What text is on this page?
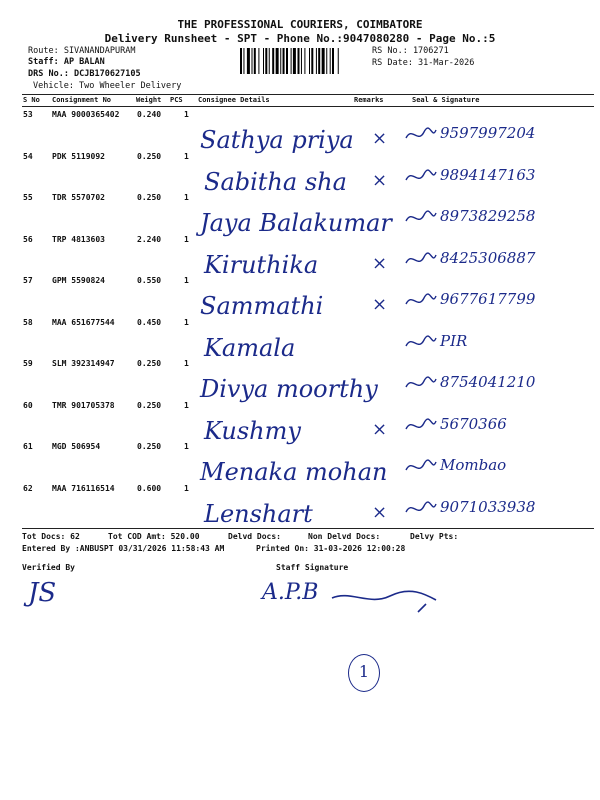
THE PROFESSIONAL COURIERS, COIMBATORE
Delivery Runsheet - SPT - Phone No.:9047080280 - Page No.:5
Route: SIVANANDAPURAM
Staff: AP BALAN
DRS No.: DCJB170627105
Vehicle: Two Wheeler Delivery
RS No.: 1706271
RS Date: 31-Mar-2026
S No Consignment No	Weight PCS Consignee Details	Remarks	Seal & Signature
53 MAA 9000365402 0.240	1
Sathya priya ×	9597997204
54 PDK 5119092	0.250	1
Sabitha sha ×	9894147163
55 TDR 5570702	0.250	1
Jaya Balakumar	8973829258
56 TRP 4813603	2.240	1
Kiruthika	×	8425306887
57 GPM 5590824	0.550	1
Sammathi	×	9677617799
58 MAA 651677544	0.450	1
Kamala	PIR
59 SLM 392314947	0.250	1
Divya moorthy	8754041210
60 TMR 901705378	0.250	1
Kushmy	×	5670366
61 MGD 506954	0.250	1
Menaka mohan	Mombao
62 MAA 716116514	0.600	1
Lenshart	×	9071033938
Tot Docs: 62	Tot COD Amt: 520.00	Delvd Docs:	Non Delvd Docs:	Delvy Pts:
Entered By :ANBUSPT 03/31/2026 11:58:43 AM	Printed On: 31-03-2026 12:00:28
Verified By	Staff Signature
JS	A.P.B
1
